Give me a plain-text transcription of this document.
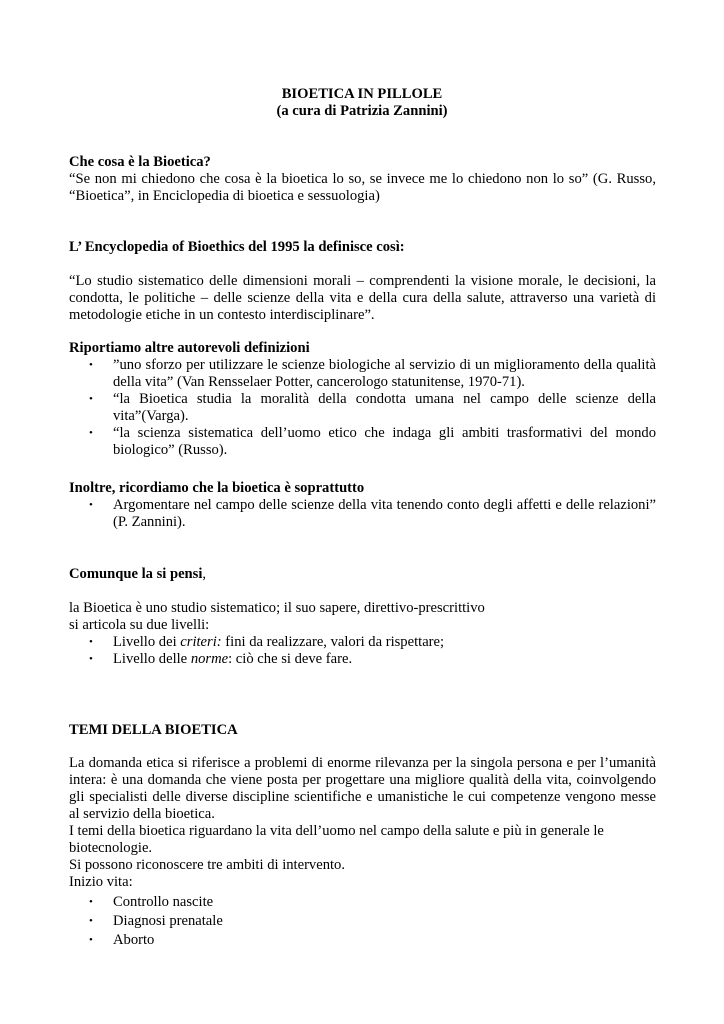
BIOETICA IN PILLOLE
(a cura di Patrizia Zannini)
Che cosa è la Bioetica?
“Se non mi chiedono che cosa è la bioetica lo so, se invece me lo chiedono non lo so” (G. Russo,
“Bioetica”, in Enciclopedia di bioetica e sessuologia)
L’ Encyclopedia of Bioethics del 1995 la definisce così:
“Lo studio sistematico delle dimensioni morali – comprendenti la visione morale, le decisioni, la
condotta, le politiche – delle scienze della vita e della cura della salute, attraverso una varietà di
metodologie etiche in un contesto interdisciplinare”.
Riportiamo altre autorevoli definizioni
• ”uno sforzo per utilizzare le scienze biologiche al servizio di un miglioramento della qualità
della vita” (Van Rensselaer Potter, cancerologo statunitense, 1970-71).
• “la Bioetica studia la moralità della condotta umana nel campo delle scienze della
vita”(Varga).
• “la scienza sistematica dell’uomo etico che indaga gli ambiti trasformativi del mondo
biologico” (Russo).
Inoltre, ricordiamo che la bioetica è soprattutto
• Argomentare nel campo delle scienze della vita tenendo conto degli affetti e delle relazioni”
(P. Zannini).
Comunque la si pensi,
la Bioetica è uno studio sistematico; il suo sapere, direttivo-prescrittivo
si articola su due livelli:
• Livello dei criteri: fini da realizzare, valori da rispettare;
• Livello delle norme: ciò che si deve fare.
TEMI DELLA BIOETICA
La domanda etica si riferisce a problemi di enorme rilevanza per la singola persona e per l’umanità
intera: è una domanda che viene posta per progettare una migliore qualità della vita, coinvolgendo
gli specialisti delle diverse discipline scientifiche e umanistiche le cui competenze vengono messe
al servizio della bioetica.
I temi della bioetica riguardano la vita dell’uomo nel campo della salute e più in generale le
biotecnologie.
Si possono riconoscere tre ambiti di intervento.
Inizio vita:
• Controllo nascite
• Diagnosi prenatale
• Aborto
